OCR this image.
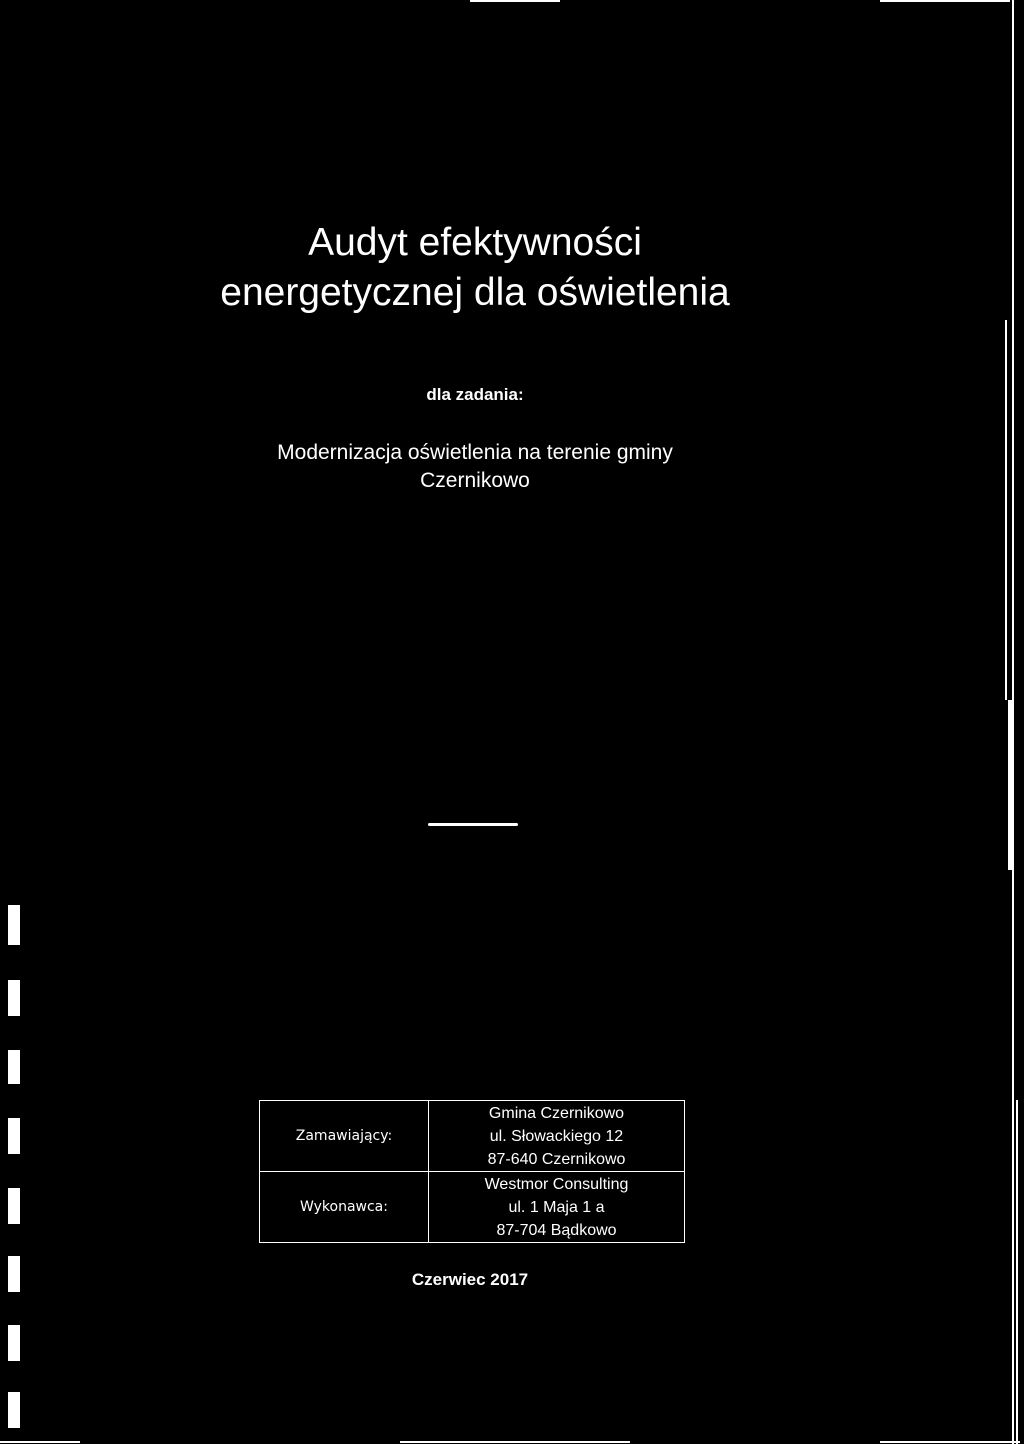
Audyt efektywności
energetycznej dla oświetlenia
dla zadania:
Modernizacja oświetlenia na terenie gminy
Czernikowo
Zamawiający:	Gmina Czernikowo
ul. Słowackiego 12
87-640 Czernikowo

Wykonawca:	Westmor Consulting
ul. 1 Maja 1 a
87-704 Bądkowo
Czerwiec 2017
